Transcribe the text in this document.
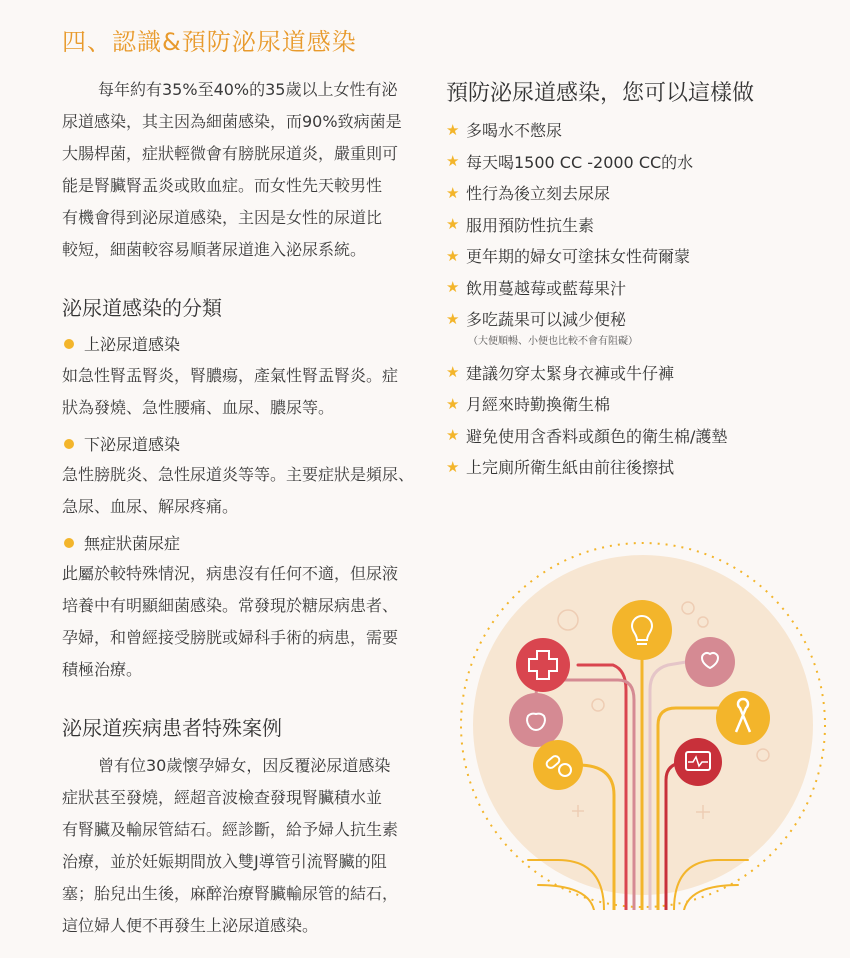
四、認識&預防泌尿道感染
每年約有35%至40%的35歲以上女性有泌
尿道感染，其主因為細菌感染，而90%致病菌是
大腸桿菌，症狀輕微會有膀胱尿道炎，嚴重則可
能是腎臟腎盂炎或敗血症。而女性先天較男性
有機會得到泌尿道感染，主因是女性的尿道比
較短，細菌較容易順著尿道進入泌尿系統。
泌尿道感染的分類
上泌尿道感染
如急性腎盂腎炎，腎膿瘍，產氣性腎盂腎炎。症
狀為發燒、急性腰痛、血尿、膿尿等。
下泌尿道感染
急性膀胱炎、急性尿道炎等等。主要症狀是頻尿、
急尿、血尿、解尿疼痛。
無症狀菌尿症
此屬於較特殊情況，病患沒有任何不適，但尿液
培養中有明顯細菌感染。常發現於糖尿病患者、
孕婦，和曾經接受膀胱或婦科手術的病患，需要
積極治療。
泌尿道疾病患者特殊案例
曾有位30歲懷孕婦女，因反覆泌尿道感染
症狀甚至發燒，經超音波檢查發現腎臟積水並
有腎臟及輸尿管結石。經診斷，給予婦人抗生素
治療，並於妊娠期間放入雙J導管引流腎臟的阻
塞；胎兒出生後，麻醉治療腎臟輸尿管的結石，
這位婦人便不再發生上泌尿道感染。
預防泌尿道感染，您可以這樣做
★ 多喝水不憋尿
★ 每天喝1500 CC -2000 CC的水
★ 性行為後立刻去尿尿
★ 服用預防性抗生素
★ 更年期的婦女可塗抹女性荷爾蒙
★ 飲用蔓越莓或藍莓果汁
★ 多吃蔬果可以減少便秘
（大便順暢、小便也比較不會有阻礙）
★ 建議勿穿太緊身衣褲或牛仔褲
★ 月經來時勤換衛生棉
★ 避免使用含香料或顏色的衛生棉/護墊
★ 上完廁所衛生紙由前往後擦拭
